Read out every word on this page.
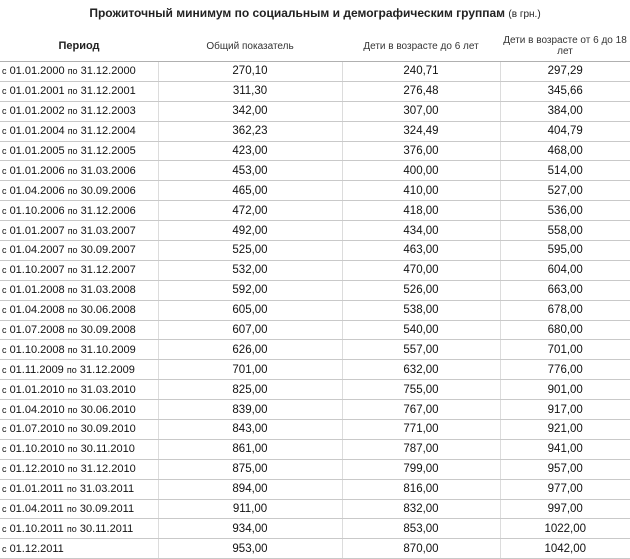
Прожиточный минимум по социальным и демографическим группам (в грн.)
Период	Общий показатель	Дети в возрасте до 6 лет	Дети в возрасте от 6 до 18 лет
с 01.01.2000 по 31.12.2000	270,10	240,71	297,29
с 01.01.2001 по 31.12.2001	311,30	276,48	345,66
с 01.01.2002 по 31.12.2003	342,00	307,00	384,00
с 01.01.2004 по 31.12.2004	362,23	324,49	404,79
с 01.01.2005 по 31.12.2005	423,00	376,00	468,00
с 01.01.2006 по 31.03.2006	453,00	400,00	514,00
с 01.04.2006 по 30.09.2006	465,00	410,00	527,00
с 01.10.2006 по 31.12.2006	472,00	418,00	536,00
с 01.01.2007 по 31.03.2007	492,00	434,00	558,00
с 01.04.2007 по 30.09.2007	525,00	463,00	595,00
с 01.10.2007 по 31.12.2007	532,00	470,00	604,00
с 01.01.2008 по 31.03.2008	592,00	526,00	663,00
с 01.04.2008 по 30.06.2008	605,00	538,00	678,00
с 01.07.2008 по 30.09.2008	607,00	540,00	680,00
с 01.10.2008 по 31.10.2009	626,00	557,00	701,00
с 01.11.2009 по 31.12.2009	701,00	632,00	776,00
с 01.01.2010 по 31.03.2010	825,00	755,00	901,00
с 01.04.2010 по 30.06.2010	839,00	767,00	917,00
с 01.07.2010 по 30.09.2010	843,00	771,00	921,00
с 01.10.2010 по 30.11.2010	861,00	787,00	941,00
с 01.12.2010 по 31.12.2010	875,00	799,00	957,00
с 01.01.2011 по 31.03.2011	894,00	816,00	977,00
с 01.04.2011 по 30.09.2011	911,00	832,00	997,00
с 01.10.2011 по 30.11.2011	934,00	853,00	1022,00
с 01.12.2011	953,00	870,00	1042,00
